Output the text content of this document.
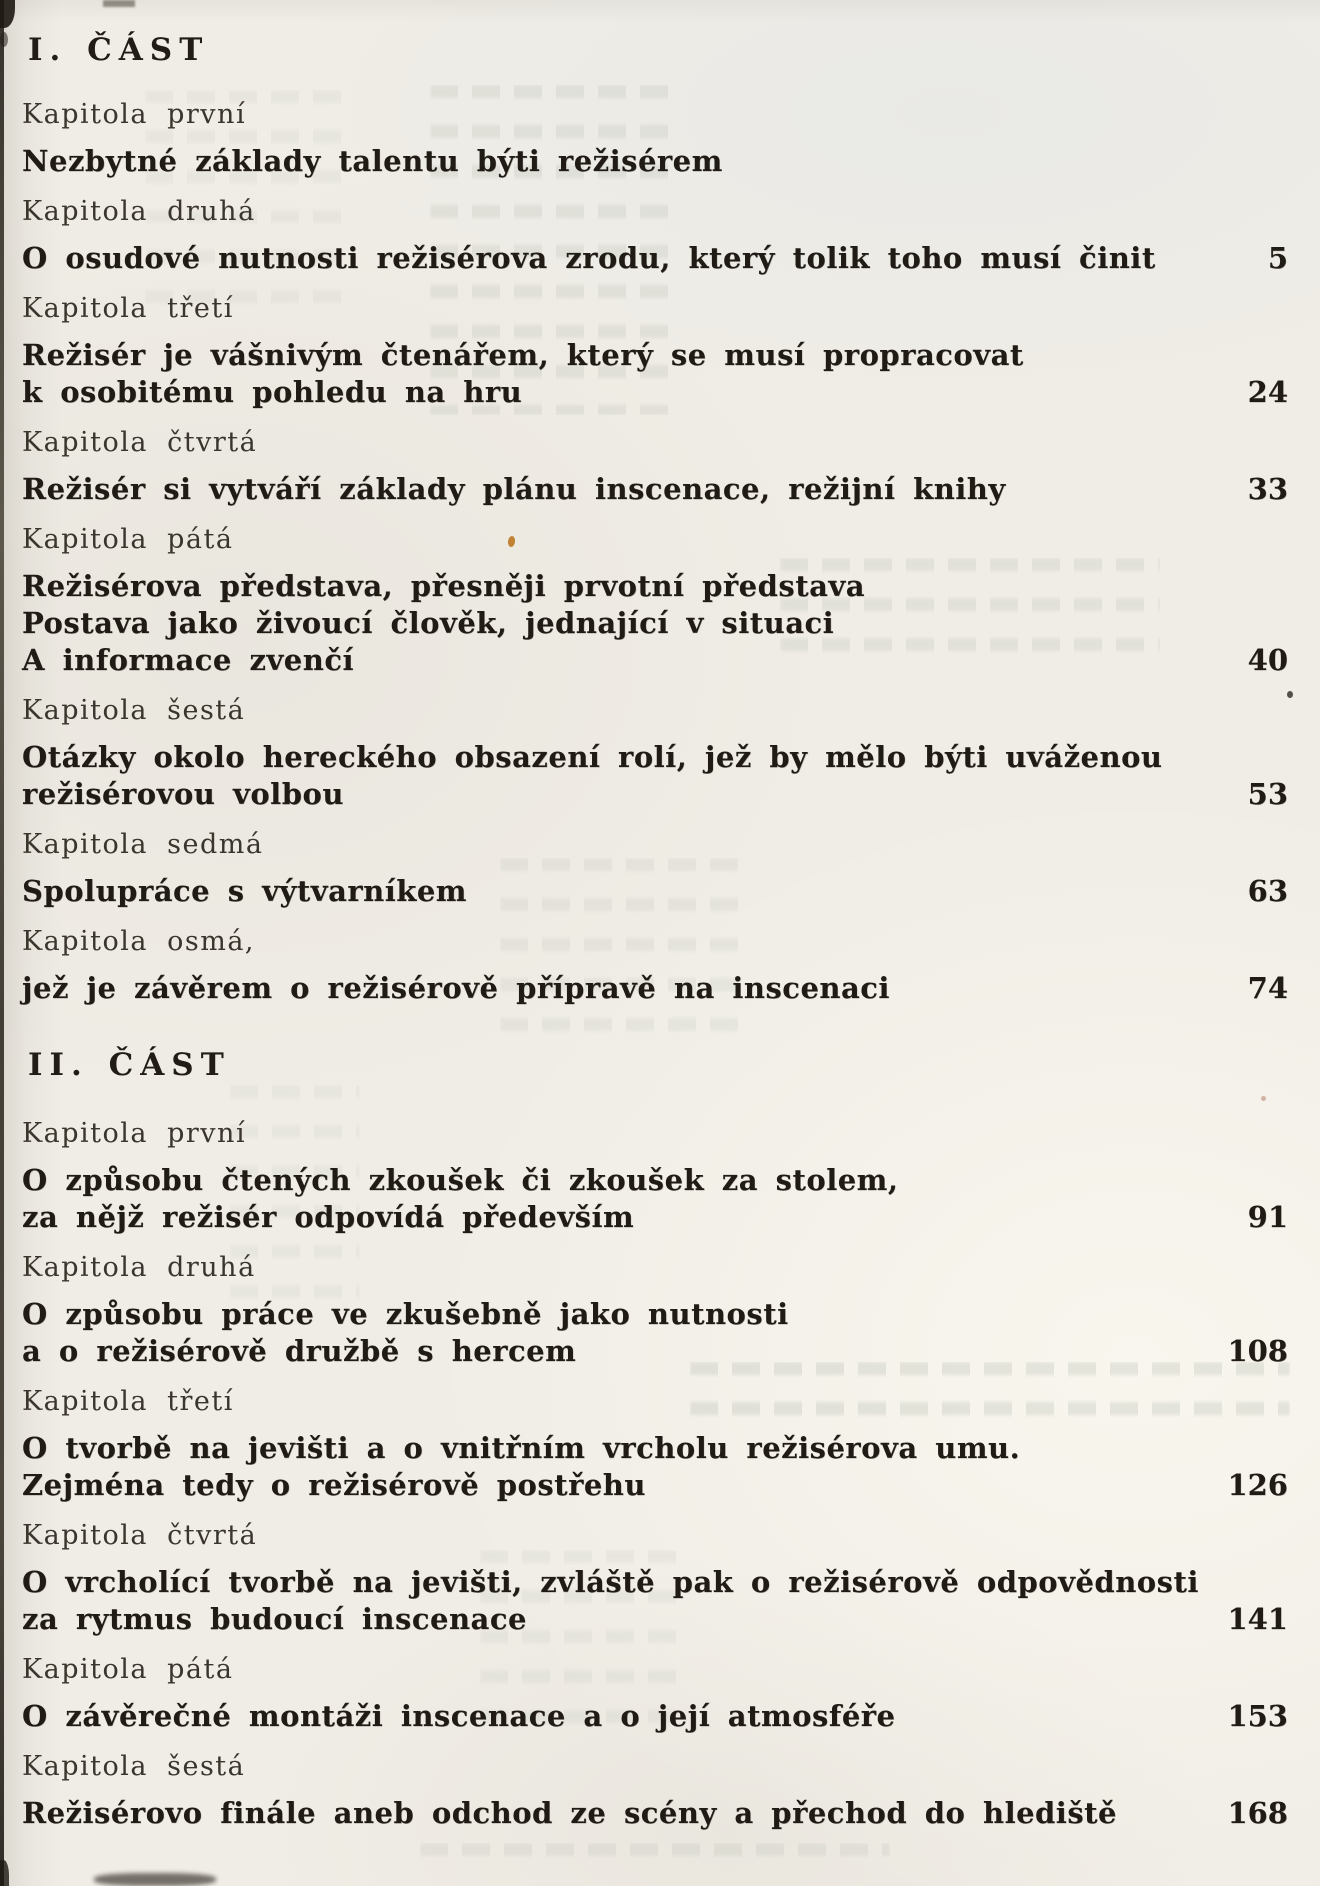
I. ČÁST
Kapitola první
Nezbytné základy talentu býti režisérem
Kapitola druhá
O osudové nutnosti režisérova zrodu, který tolik toho musí činit	5
Kapitola třetí
Režisér je vášnivým čtenářem, který se musí propracovat
k osobitému pohledu na hru	24
Kapitola čtvrtá
Režisér si vytváří základy plánu inscenace, režijní knihy	33
Kapitola pátá
Režisérova představa, přesněji prvotní představa
Postava jako živoucí člověk, jednající v situaci
A informace zvenčí	40
Kapitola šestá
Otázky okolo hereckého obsazení rolí, jež by mělo býti uváženou
režisérovou volbou	53
Kapitola sedmá
Spolupráce s výtvarníkem	63
Kapitola osmá,
jež je závěrem o režisérově přípravě na inscenaci	74
II. ČÁST
Kapitola první
O způsobu čtených zkoušek či zkoušek za stolem,
za nějž režisér odpovídá především	91
Kapitola druhá
O způsobu práce ve zkušebně jako nutnosti
a o režisérově družbě s hercem	108
Kapitola třetí
O tvorbě na jevišti a o vnitřním vrcholu režisérova umu.
Zejména tedy o režisérově postřehu	126
Kapitola čtvrtá
O vrcholící tvorbě na jevišti, zvláště pak o režisérově odpovědnosti
za rytmus budoucí inscenace	141
Kapitola pátá
O závěrečné montáži inscenace a o její atmosféře	153
Kapitola šestá
Režisérovo finále aneb odchod ze scény a přechod do hlediště	168
